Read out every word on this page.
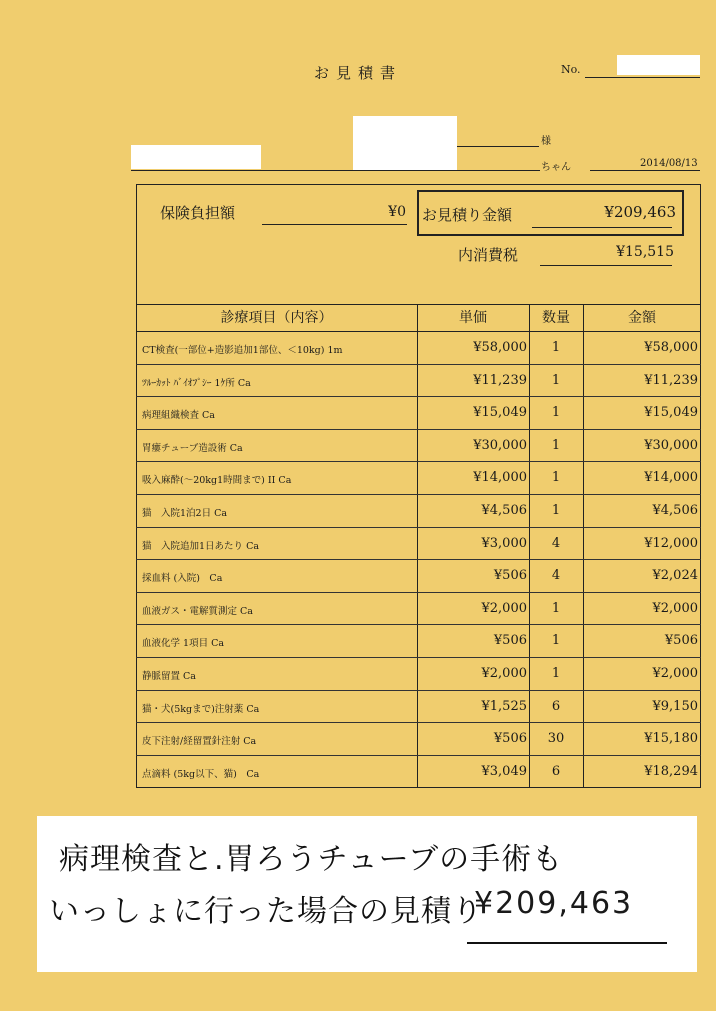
お見積書	No.
様
ちゃん	2014/08/13
保険負担額	¥0 お見積り金額	¥209,463
内消費税	¥15,515
診療項目（内容）	単価	数量	金額
CT検査(一部位+造影追加1部位、＜10kg) 1m	¥58,000	1	¥58,000
ﾂﾙｰｶｯﾄ ﾊﾞｲｵﾌﾟｼｰ 1ｹ所 Ca	¥11,239	1	¥11,239
病理組織検査 Ca	¥15,049	1	¥15,049
胃瘻チューブ造設術 Ca	¥30,000	1	¥30,000
吸入麻酔(～20kg1時間まで) II Ca	¥14,000	1	¥14,000
猫　入院1泊2日 Ca	¥4,506	1	¥4,506
猫　入院追加1日あたり Ca	¥3,000	4	¥12,000
採血料 (入院)　Ca	¥506	4	¥2,024
血液ガス・電解質測定 Ca	¥2,000	1	¥2,000
血液化学 1項目 Ca	¥506	1	¥506
静脈留置 Ca	¥2,000	1	¥2,000
猫・犬(5kgまで)注射薬 Ca	¥1,525	6	¥9,150
皮下注射/経留置針注射 Ca	¥506	30	¥15,180
点滴料 (5kg以下、猫)　Ca	¥3,049	6	¥18,294
病理検査と.胃ろうチューブの手術も
いっしょに行った場合の見積り
¥209,463
